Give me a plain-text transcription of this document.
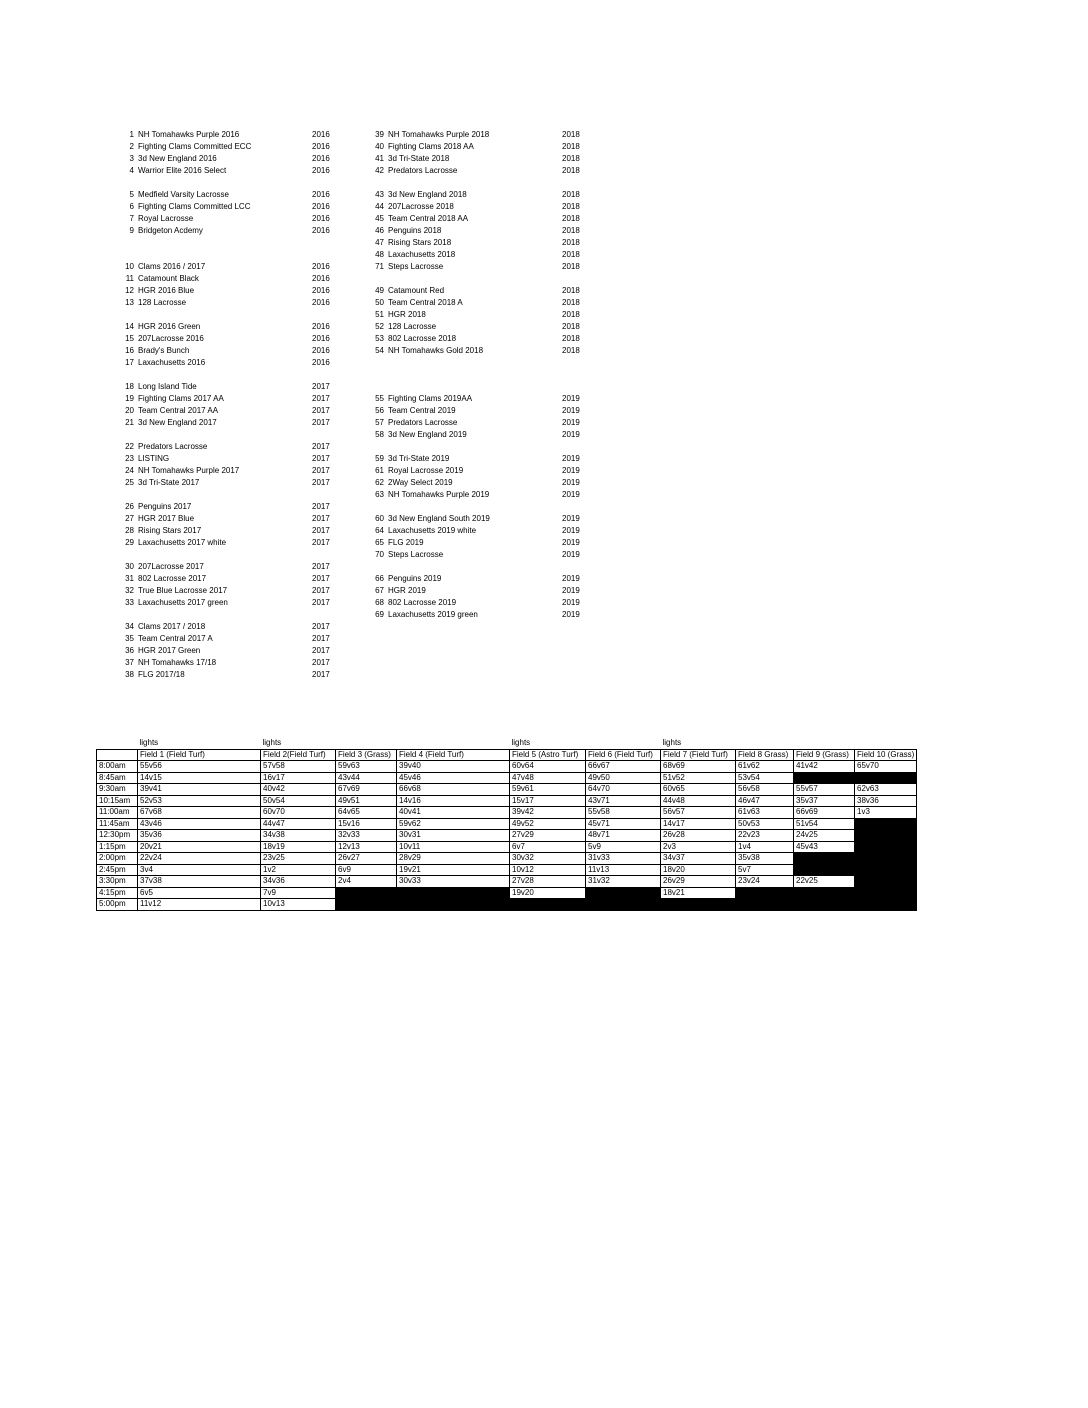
1 NH Tomahawks Purple 2016	2016
2 Fighting Clams Committed ECC	2016
3 3d New England 2016	2016
4 Warrior Elite 2016 Select	2016
5 Medfield Varsity Lacrosse	2016
6 Fighting Clams Committed LCC	2016
7 Royal Lacrosse	2016
9 Bridgeton Acdemy	2016
10 Clams 2016 / 2017	2016
11 Catamount Black	2016
12 HGR 2016 Blue	2016
13 128 Lacrosse	2016
14 HGR 2016 Green	2016
15 207Lacrosse 2016	2016
16 Brady's Bunch	2016
17 Laxachusetts 2016	2016
18 Long Island Tide	2017
19 Fighting Clams 2017 AA	2017
20 Team Central 2017 AA	2017
21 3d New England 2017	2017
22 Predators Lacrosse	2017
23 LISTING	2017
24 NH Tomahawks Purple 2017	2017
25 3d Tri-State 2017	2017
26 Penguins 2017	2017
27 HGR 2017 Blue	2017
28 Rising Stars 2017	2017
29 Laxachusetts 2017 white	2017
30 207Lacrosse 2017	2017
31 802 Lacrosse 2017	2017
32 True Blue Lacrosse 2017	2017
33 Laxachusetts 2017 green	2017
34 Clams 2017 / 2018	2017
35 Team Central 2017 A	2017
36 HGR 2017 Green	2017
37 NH Tomahawks 17/18	2017
38 FLG 2017/18	2017
39 NH Tomahawks Purple 2018	2018
40 Fighting Clams 2018 AA	2018
41 3d Tri-State 2018	2018
42 Predators Lacrosse	2018
43 3d New England 2018	2018
44 207Lacrosse 2018	2018
45 Team Central 2018 AA	2018
46 Penguins 2018	2018
47 Rising Stars 2018	2018
48 Laxachusetts 2018	2018
71 Steps Lacrosse	2018
49 Catamount Red	2018
50 Team Central 2018 A	2018
51 HGR 2018	2018
52 128 Lacrosse	2018
53 802 Lacrosse 2018	2018
54 NH Tomahawks Gold 2018	2018
55 Fighting Clams 2019AA	2019
56 Team Central 2019	2019
57 Predators Lacrosse	2019
58 3d New England 2019	2019
59 3d Tri-State 2019	2019
61 Royal Lacrosse 2019	2019
62 2Way Select 2019	2019
63 NH Tomahawks Purple 2019	2019
60 3d New England South 2019	2019
64 Laxachusetts 2019 white	2019
65 FLG 2019	2019
70 Steps Lacrosse	2019
66 Penguins 2019	2019
67 HGR 2019	2019
68 802 Lacrosse 2019	2019
69 Laxachusetts 2019 green	2019
	lights	lights			lights		lights			
	Field 1 (Field Turf)	Field 2(Field Turf)	Field 3 (Grass)	Field 4 (Field Turf)	Field 5 (Astro Turf)	Field 6 (Field Turf)	Field 7 (Field Turf)	Field 8 Grass)	Field 9 (Grass)	Field 10 (Grass)
8:00am	55v56	57v58	59v63	39v40	60v64	66v67	68v69	61v62	41v42	65v70
8:45am	14v15	16v17	43v44	45v46	47v48	49v50	51v52	53v54		
9:30am	39v41	40v42	67v69	66v68	59v61	64v70	60v65	56v58	55v57	62v63
10:15am	52v53	50v54	49v51	14v16	15v17	43v71	44v48	46v47	35v37	38v36
11:00am	67v68	60v70	64v65	40v41	39v42	55v58	56v57	61v63	66v69	1v3
11:45am	43v46	44v47	15v16	59v62	49v52	45v71	14v17	50v53	51v54	
12:30pm	35v36	34v38	32v33	30v31	27v29	48v71	26v28	22v23	24v25	
1:15pm	20v21	18v19	12v13	10v11	6v7	5v9	2v3	1v4	45v43	
2:00pm	22v24	23v25	26v27	28v29	30v32	31v33	34v37	35v38		
2:45pm	3v4	1v2	6v9	19v21	10v12	11v13	18v20	5v7		
3:30pm	37v38	34v36	2v4	30v33	27v28	31v32	26v29	23v24	22v25	
4:15pm	6v5	7v9			19v20		18v21			
5:00pm	11v12	10v13								
